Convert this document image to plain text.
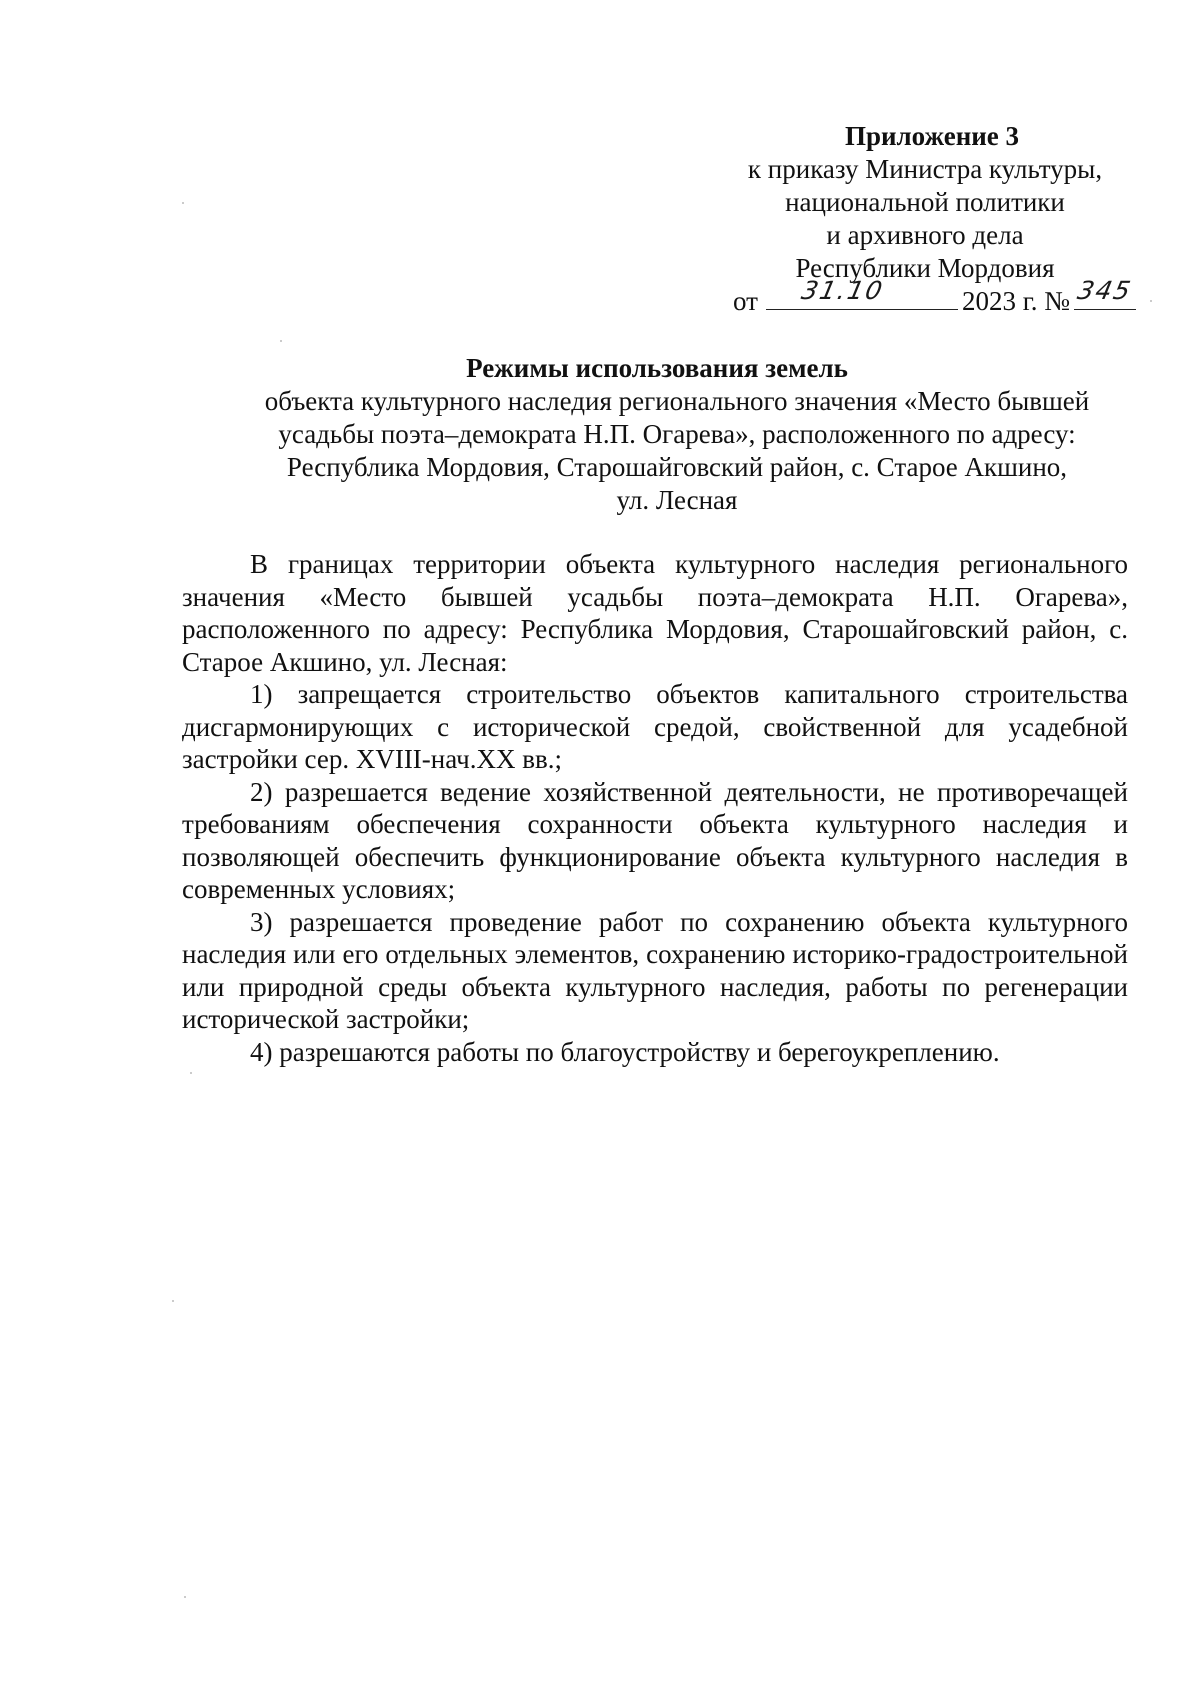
Приложение 3
к приказу Министра культуры,
национальной политики
и архивного дела
Республики Мордовия
от 31.10	2023 г. № 345
Режимы использования земель
объекта культурного наследия регионального значения «Место бывшей
усадьбы поэта–демократа Н.П. Огарева», расположенного по адресу:
Республика Мордовия, Старошайговский район, с. Старое Акшино,
ул. Лесная

В границах территории объекта культурного наследия регионального значения «Место бывшей усадьбы поэта–демократа Н.П. Огарева», расположенного по адресу: Республика Мордовия, Старошайговский район, с. Старое Акшино, ул. Лесная:

1) запрещается строительство объектов капитального строительства дисгармонирующих с исторической средой, свойственной для усадебной застройки сер. XVIII-нач.XX вв.;

2) разрешается ведение хозяйственной деятельности, не противоречащей требованиям обеспечения сохранности объекта культурного наследия и позволяющей обеспечить функционирование объекта культурного наследия в современных условиях;

3) разрешается проведение работ по сохранению объекта культурного наследия или его отдельных элементов, сохранению историко-градостроительной или природной среды объекта культурного наследия, работы по регенерации исторической застройки;

4) разрешаются работы по благоустройству и берегоукреплению.
